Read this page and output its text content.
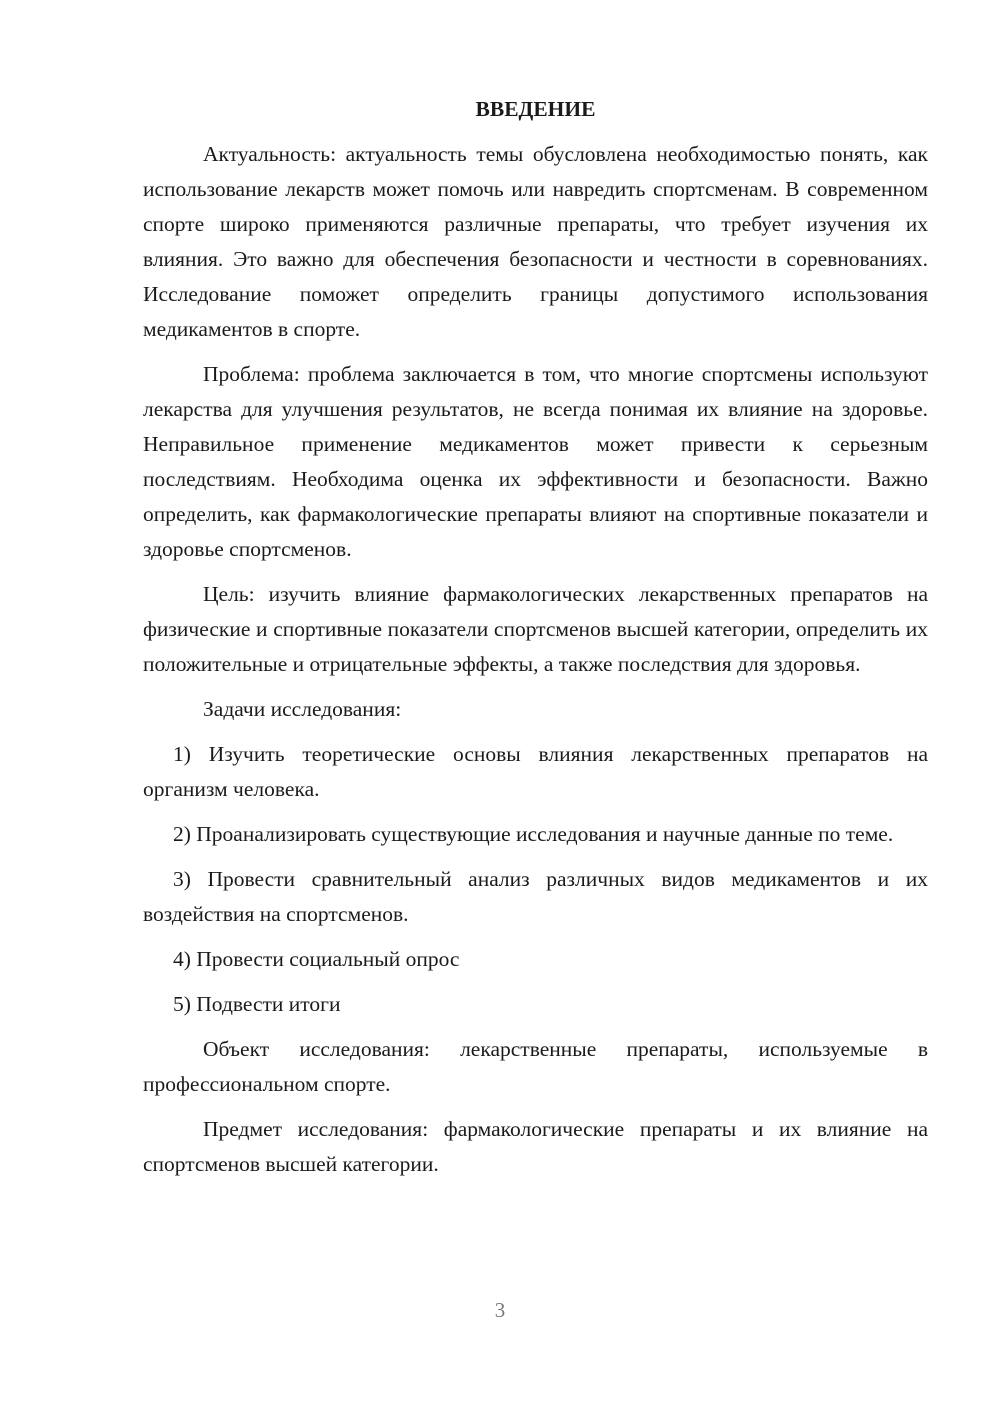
ВВЕДЕНИЕ

Актуальность: актуальность темы обусловлена необходимостью понять, как использование лекарств может помочь или навредить спортсменам. В современном спорте широко применяются различные препараты, что требует изучения их влияния. Это важно для обеспечения безопасности и честности в соревнованиях. Исследование поможет определить границы допустимого использования медикаментов в спорте.

Проблема: проблема заключается в том, что многие спортсмены используют лекарства для улучшения результатов, не всегда понимая их влияние на здоровье. Неправильное применение медикаментов может привести к серьезным последствиям. Необходима оценка их эффективности и безопасности. Важно определить, как фармакологические препараты влияют на спортивные показатели и здоровье спортсменов.

Цель: изучить влияние фармакологических лекарственных препаратов на физические и спортивные показатели спортсменов высшей категории, определить их положительные и отрицательные эффекты, а также последствия для здоровья.

Задачи исследования:

1) Изучить теоретические основы влияния лекарственных препаратов на организм человека.

2) Проанализировать существующие исследования и научные данные по теме.

3) Провести сравнительный анализ различных видов медикаментов и их воздействия на спортсменов.

4) Провести социальный опрос

5) Подвести итоги

Объект исследования: лекарственные препараты, используемые в профессиональном спорте.

Предмет исследования: фармакологические препараты и их влияние на спортсменов высшей категории.

3
